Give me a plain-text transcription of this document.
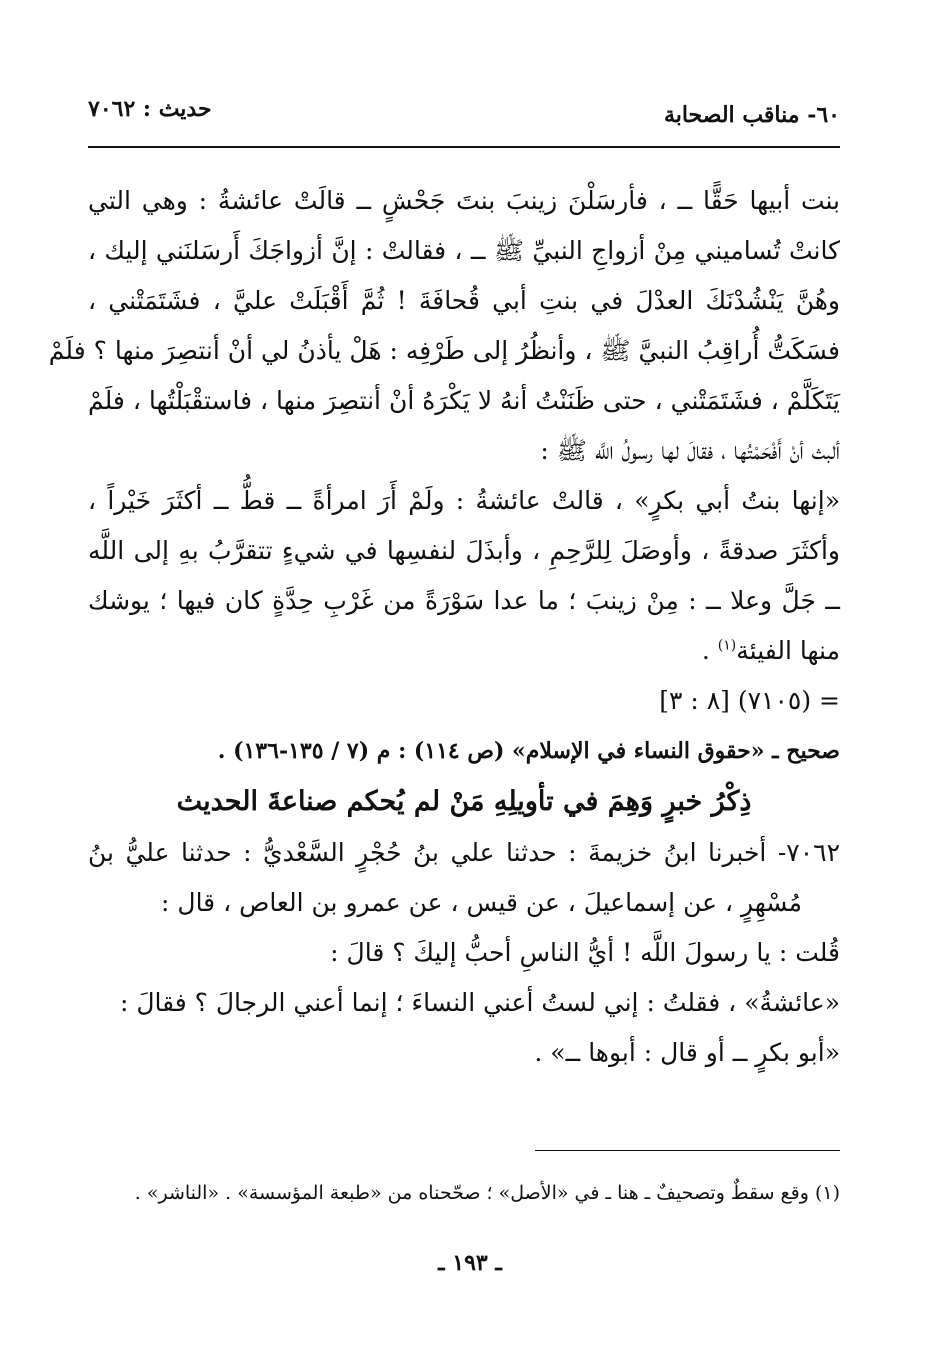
٦٠- مناقب الصحابة
حديث : ٧٠٦٢
بنت أبيها حَقًّا ــ ، فأرسَلْنَ زينبَ بنتَ جَحْشٍ ــ قالَتْ عائشةُ : وهي التي
كانتْ تُساميني مِنْ أزواجِ النبيِّ ﷺ ــ ، فقالتْ : إنَّ أزواجَكَ أَرسَلنَني إليك ،
وهُنَّ يَنْشُدْنَكَ العدْلَ في بنتِ أبي قُحافَةَ ! ثُمَّ أَقْبَلَتْ عليَّ ، فشَتَمَتْني ،
فسَكَتُّ أُراقِبُ النبيَّ ﷺ ، وأنظُرُ إلى طَرْفِه : هَلْ يأذنُ لي أنْ أنتصِرَ منها ؟ فلَمْ
يَتَكَلَّمْ ، فشَتَمَتْني ، حتى ظَنَنْتُ أنهُ لا يَكْرَهُ أنْ أنتصِرَ منها ، فاستقْبَلْتُها ، فلَمْ
ألبث أنْ أَفْحَمْتُها ، فقالَ لها رسولُ اللَّه ﷺ :
«إنها بنتُ أبي بكرٍ» ، قالتْ عائشةُ : ولَمْ أَرَ امرأةً ــ قطُّ ــ أكثَرَ خَيْراً ،
وأكثَرَ صدقةً ، وأوصَلَ لِلرَّحِمِ ، وأبذَلَ لنفسِها في شيءٍ تتقرَّبُ بهِ إلى اللَّه
ــ جَلَّ وعلا ــ : مِنْ زينبَ ؛ ما عدا سَوْرَةً من غَرْبِ حِدَّةٍ كان فيها ؛ يوشك
منها الفيئة$^{(١)}$ .
= (٧١٠٥) [٨ : ٣]
صحيح ـ «حقوق النساء في الإسلام» (ص ١١٤) : م (٧ / ١٣٥-١٣٦) .

ذِكْرُ خبرٍ وَهِمَ في تأويلِهِ مَنْ لم يُحكم صناعةَ الحديث

٧٠٦٢- أخبرنا ابنُ خزيمةَ : حدثنا علي بنُ حُجْرٍ السَّعْديُّ : حدثنا عليُّ بنُ
مُسْهِرٍ ، عن إسماعيلَ ، عن قيس ، عن عمرو بن العاص ، قال :
قُلت : يا رسولَ اللَّه ! أيُّ الناسِ أحبُّ إليكَ ؟ قالَ :
«عائشةُ» ، فقلتُ : إني لستُ أعني النساءَ ؛ إنما أعني الرجالَ ؟ فقالَ :
«أبو بكرٍ ــ أو قال : أبوها ــ» .
(١) وقع سقطٌ وتصحيفٌ ـ هنا ـ في «الأصل» ؛ صحّحناه من «طبعة المؤسسة» . «الناشر» .
ـ ١٩٣ ـ
